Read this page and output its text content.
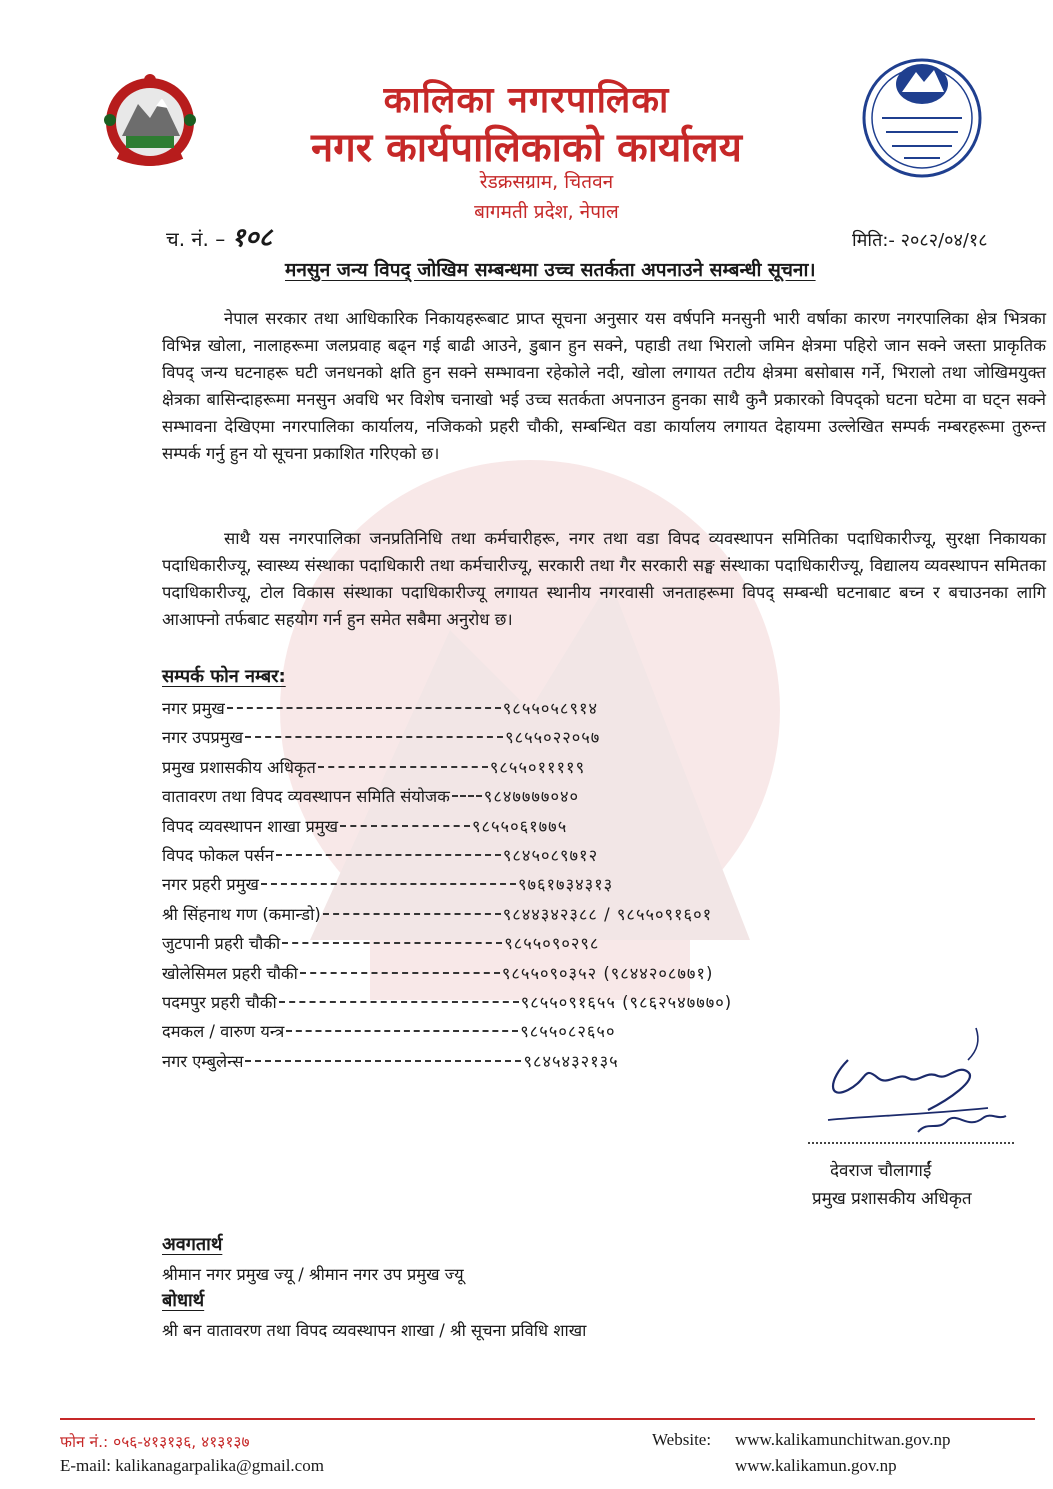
कालिका नगरपालिका
नगर कार्यपालिकाको कार्यालय
रेडक्रसग्राम, चितवन
बागमती प्रदेश, नेपाल
च. नं. – १०८	मिति:- २०८२/०४/१८
मनसुन जन्य विपद् जोखिम सम्बन्धमा उच्च सतर्कता अपनाउने सम्बन्धी सूचना।

नेपाल सरकार तथा आधिकारिक निकायहरूबाट प्राप्त सूचना अनुसार यस वर्षपनि मनसुनी भारी वर्षाका कारण नगरपालिका क्षेत्र भित्रका विभिन्न खोला, नालाहरूमा जलप्रवाह बढ्न गई बाढी आउने, डुबान हुन सक्ने, पहाडी तथा भिरालो जमिन क्षेत्रमा पहिरो जान सक्ने जस्ता प्राकृतिक विपद् जन्य घटनाहरू घटी जनधनको क्षति हुन सक्ने सम्भावना रहेकोले नदी, खोला लगायत तटीय क्षेत्रमा बसोबास गर्ने, भिरालो तथा जोखिमयुक्त क्षेत्रका बासिन्दाहरूमा मनसुन अवधि भर विशेष चनाखो भई उच्च सतर्कता अपनाउन हुनका साथै कुनै प्रकारको विपद्को घटना घटेमा वा घट्न सक्ने सम्भावना देखिएमा नगरपालिका कार्यालय, नजिकको प्रहरी चौकी, सम्बन्धित वडा कार्यालय लगायत देहायमा उल्लेखित सम्पर्क नम्बरहरूमा तुरुन्त सम्पर्क गर्नु हुन यो सूचना प्रकाशित गरिएको छ।

साथै यस नगरपालिका जनप्रतिनिधि तथा कर्मचारीहरू, नगर तथा वडा विपद व्यवस्थापन समितिका पदाधिकारीज्यू, सुरक्षा निकायका पदाधिकारीज्यू, स्वास्थ्य संस्थाका पदाधिकारी तथा कर्मचारीज्यू, सरकारी तथा गैर सरकारी सङ्घ संस्थाका पदाधिकारीज्यू, विद्यालय व्यवस्थापन समितका पदाधिकारीज्यू, टोल विकास संस्थाका पदाधिकारीज्यू लगायत स्थानीय नगरवासी जनताहरूमा विपद् सम्बन्धी घटनाबाट बच्न र बचाउनका लागि आआफ्नो तर्फबाट सहयोग गर्न हुन समेत सबैमा अनुरोध छ।

सम्पर्क फोन नम्बर:
नगर प्रमुख	९८५५०५८९१४
नगर उपप्रमुख	९८५५०२२०५७
प्रमुख प्रशासकीय अधिकृत	९८५५०११११९
वातावरण तथा विपद व्यवस्थापन समिति संयोजक ९८४७७७७०४०
विपद व्यवस्थापन शाखा प्रमुख	९८५५०६१७७५
विपद फोकल पर्सन	९८४५०८९७१२
नगर प्रहरी प्रमुख	९७६१७३४३१३
श्री सिंहनाथ गण (कमान्डो)	९८४४३४२३८८ / ९८५५०९१६०१
जुटपानी प्रहरी चौकी	९८५५०९०२९८
खोलेसिमल प्रहरी चौकी	९८५५०९०३५२ (९८४४२०८७७१)
पदमपुर प्रहरी चौकी	९८५५०९१६५५ (९८६२५४७७७०)
दमकल / वारुण यन्त्र	९८५५०८२६५०
नगर एम्बुलेन्स	९८४५४३२१३५
देवराज चौलागाईं
प्रमुख प्रशासकीय अधिकृत
अवगतार्थ
श्रीमान नगर प्रमुख ज्यू / श्रीमान नगर उप प्रमुख ज्यू
बोधार्थ
श्री बन वातावरण तथा विपद व्यवस्थापन शाखा / श्री सूचना प्रविधि शाखा
फोन नं.: ०५६-४१३१३६, ४१३१३७
E-mail: kalikanagarpalika@gmail.com
Website: www.kalikamunchitwan.gov.np
www.kalikamun.gov.np
